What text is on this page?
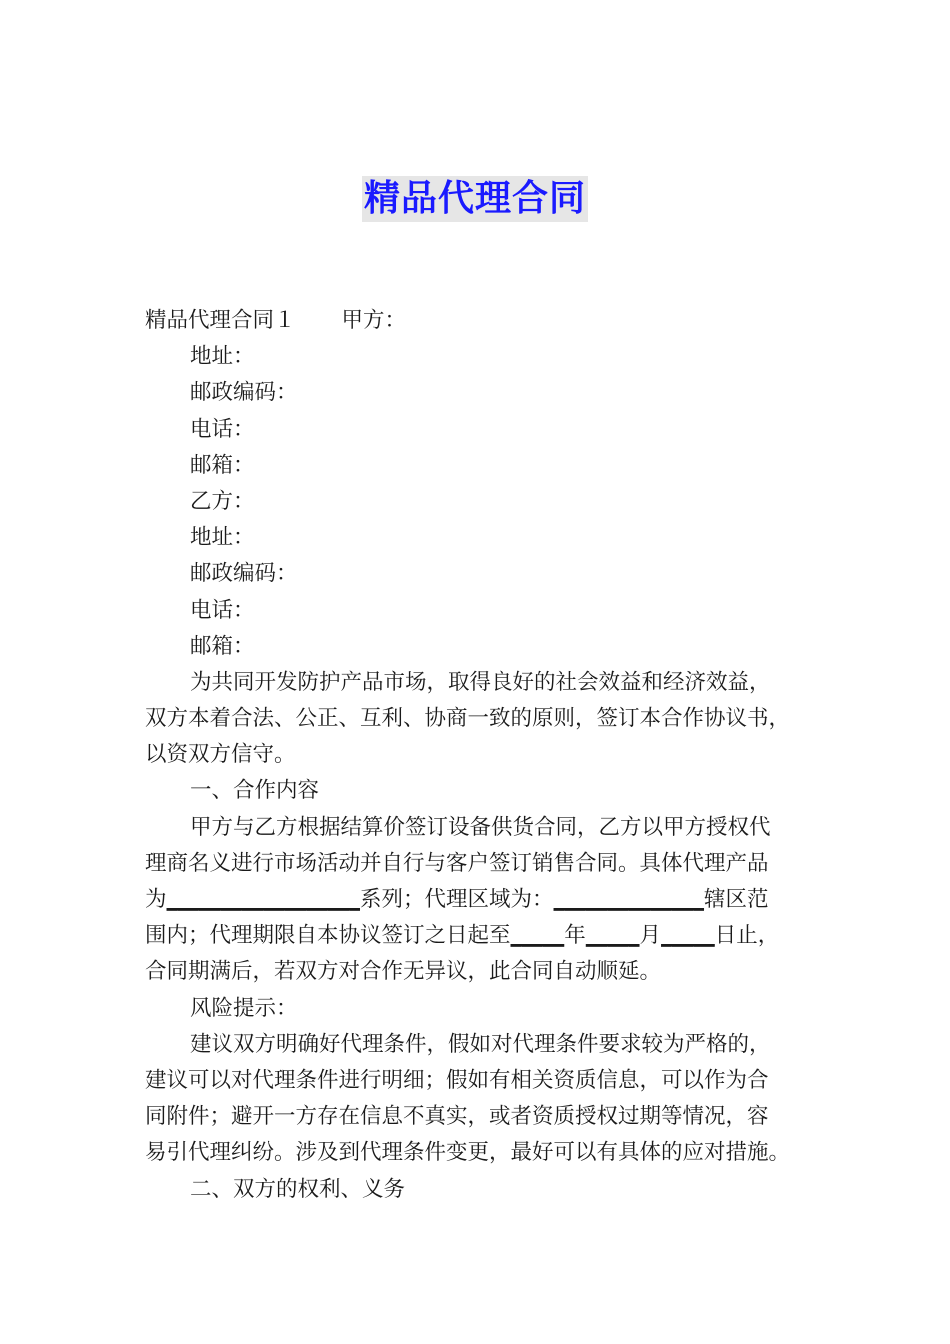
精品代理合同
精品代理合同１ 甲方：
地址：
邮政编码：
电话：
邮箱：
乙方：
地址：
邮政编码：
电话：
邮箱：
为共同开发防护产品市场，取得良好的社会效益和经济效益，
双方本着合法、公正、互利、协商一致的原则，签订本合作协议书，
以资双方信守。
一、合作内容
甲方与乙方根据结算价签订设备供货合同，乙方以甲方授权代
理商名义进行市场活动并自行与客户签订销售合同。具体代理产品
为__________________系列；代理区域为：______________辖区范
围内；代理期限自本协议签订之日起至_____年_____月_____日止，
合同期满后，若双方对合作无异议，此合同自动顺延。
风险提示：
建议双方明确好代理条件，假如对代理条件要求较为严格的，
建议可以对代理条件进行明细；假如有相关资质信息，可以作为合
同附件；避开一方存在信息不真实，或者资质授权过期等情况，容
易引代理纠纷。涉及到代理条件变更，最好可以有具体的应对措施。
二、双方的权利、义务
